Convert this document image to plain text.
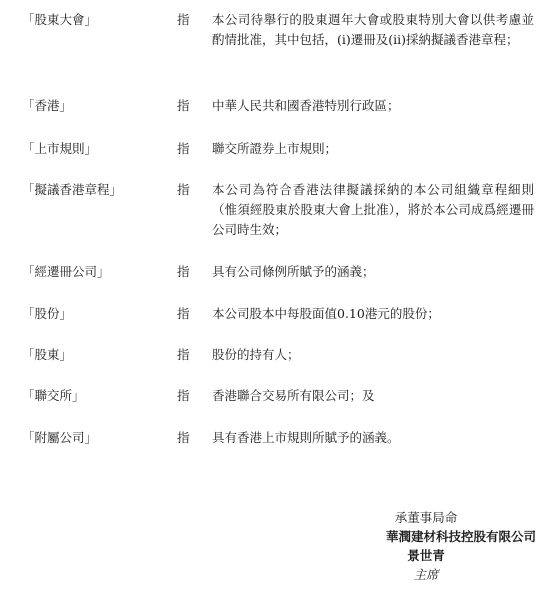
「股東大會」	指 本公司待舉行的股東週年大會或股東特別大會以供考慮並酌情批准，其中包括，(i)遷冊及(ii)採納擬議香港章程；
「香港」	指 中華人民共和國香港特別行政區；
「上市規則」	指 聯交所證券上市規則；
「擬議香港章程」	指 本公司為符合香港法律擬議採納的本公司組織章程細則（惟須經股東於股東大會上批准），將於本公司成爲經遷冊公司時生效；
「經遷冊公司」	指 具有公司條例所賦予的涵義；
「股份」	指 本公司股本中每股面值0.10港元的股份；
「股東」	指 股份的持有人；
「聯交所」	指 香港聯合交易所有限公司；及
「附屬公司」	指 具有香港上市規則所賦予的涵義。
承董事局命
華潤建材科技控股有限公司
景世青
主席
